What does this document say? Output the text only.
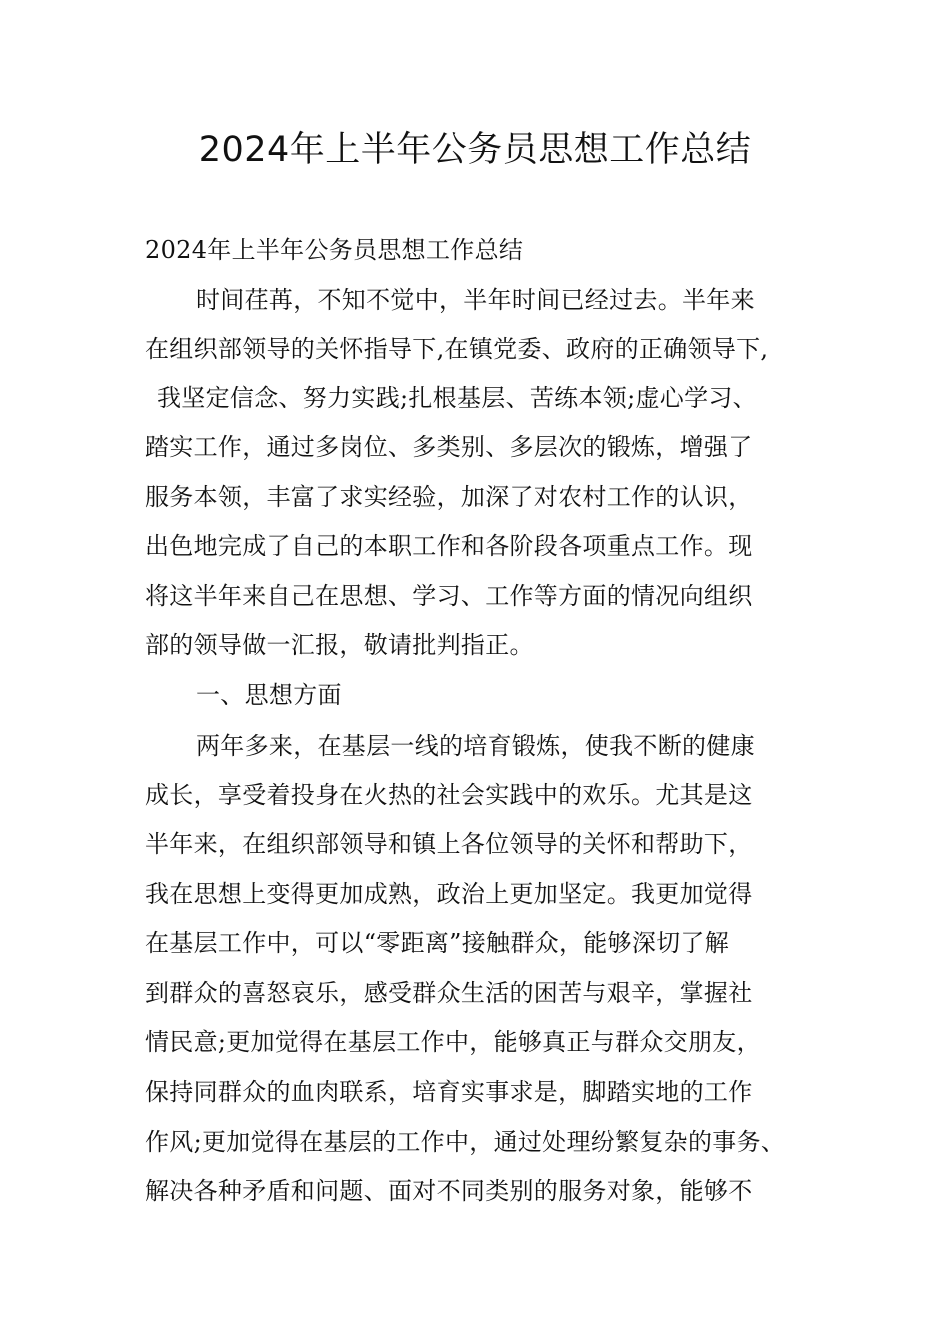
2024年上半年公务员思想工作总结
2024年上半年公务员思想工作总结
时间荏苒，不知不觉中，半年时间已经过去。半年来
在组织部领导的关怀指导下,在镇党委、政府的正确领导下,
我坚定信念、努力实践;扎根基层、苦练本领;虚心学习、
踏实工作，通过多岗位、多类别、多层次的锻炼，增强了
服务本领，丰富了求实经验，加深了对农村工作的认识，
出色地完成了自己的本职工作和各阶段各项重点工作。现
将这半年来自己在思想、学习、工作等方面的情况向组织
部的领导做一汇报，敬请批判指正。
一、思想方面
两年多来，在基层一线的培育锻炼，使我不断的健康
成长，享受着投身在火热的社会实践中的欢乐。尤其是这
半年来，在组织部领导和镇上各位领导的关怀和帮助下，
我在思想上变得更加成熟，政治上更加坚定。我更加觉得
在基层工作中，可以“零距离”接触群众，能够深切了解
到群众的喜怒哀乐，感受群众生活的困苦与艰辛，掌握社
情民意;更加觉得在基层工作中，能够真正与群众交朋友，
保持同群众的血肉联系，培育实事求是，脚踏实地的工作
作风;更加觉得在基层的工作中，通过处理纷繁复杂的事务、
解决各种矛盾和问题、面对不同类别的服务对象，能够不
